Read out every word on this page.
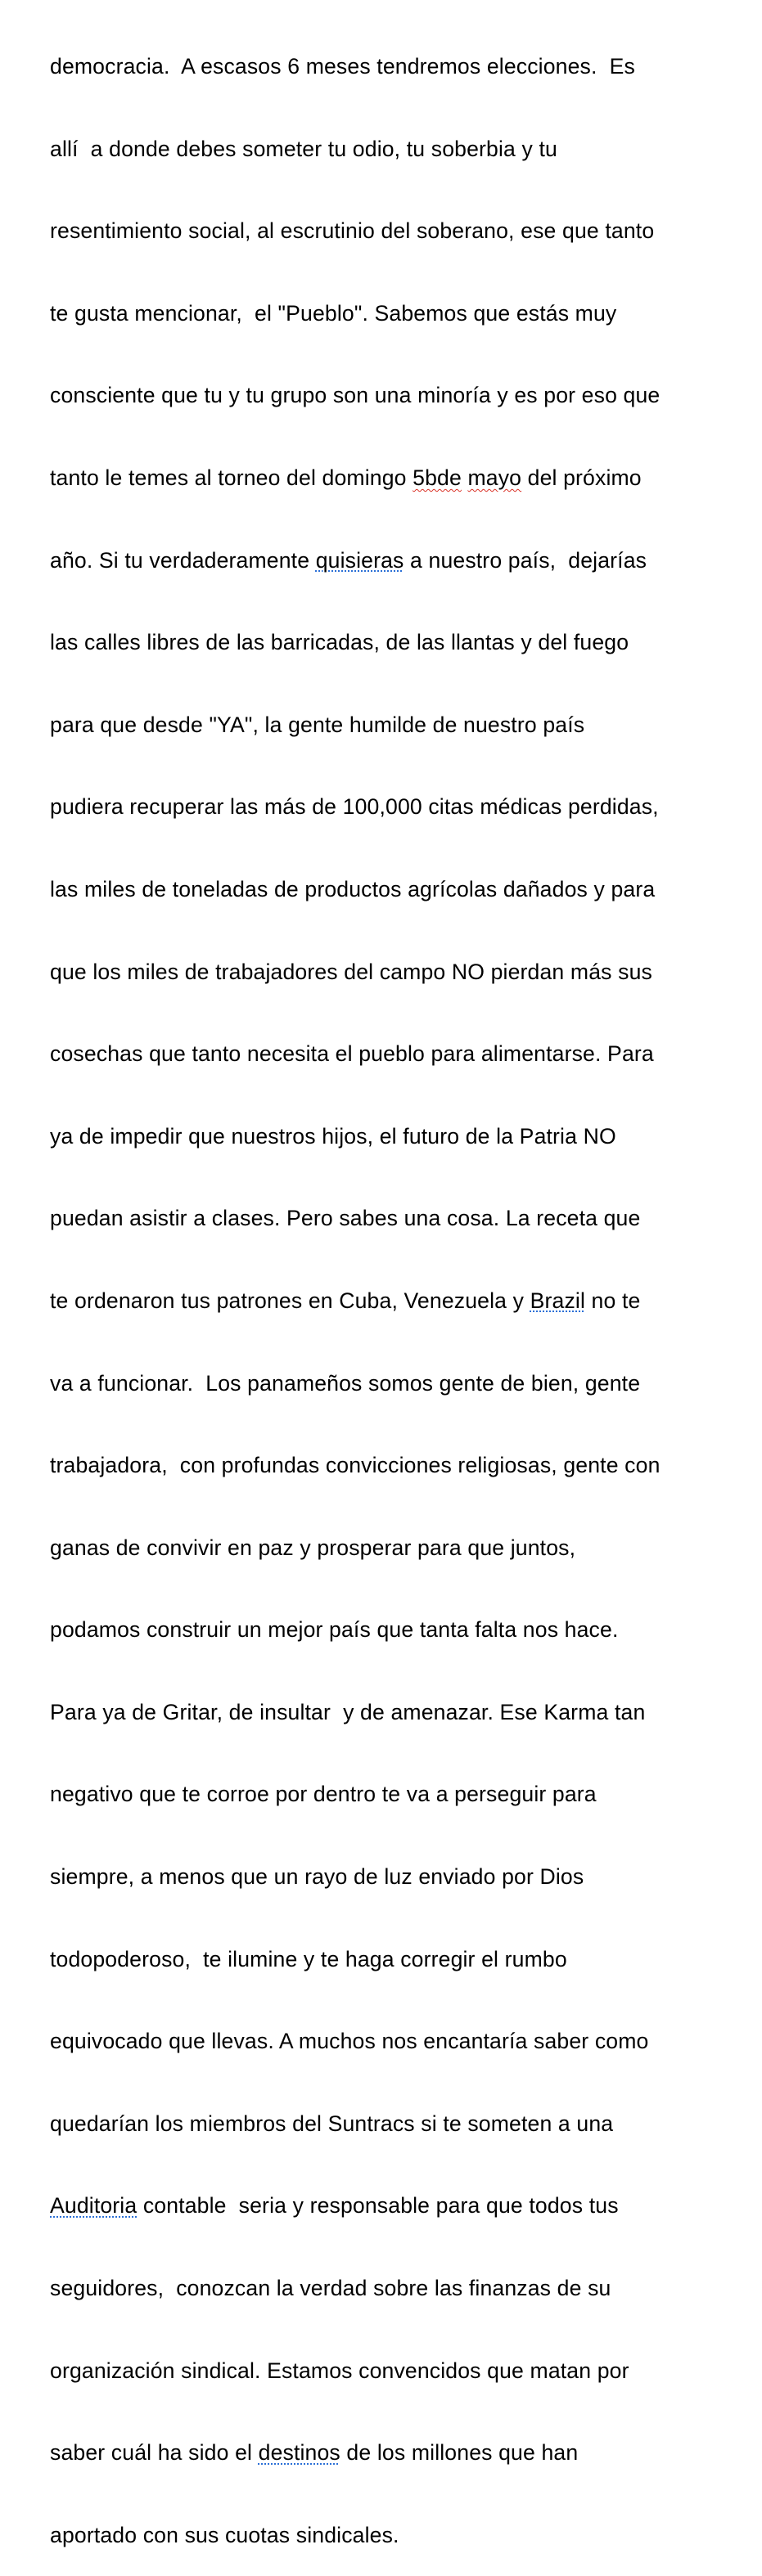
democracia.  A escasos 6 meses tendremos elecciones.  Es

allí  a donde debes someter tu odio, tu soberbia y tu

resentimiento social, al escrutinio del soberano, ese que tanto

te gusta mencionar,  el "Pueblo". Sabemos que estás muy

consciente que tu y tu grupo son una minoría y es por eso que

tanto le temes al torneo del domingo 5bde mayo del próximo

año. Si tu verdaderamente quisieras a nuestro país,  dejarías

las calles libres de las barricadas, de las llantas y del fuego

para que desde "YA", la gente humilde de nuestro país

pudiera recuperar las más de 100,000 citas médicas perdidas,

las miles de toneladas de productos agrícolas dañados y para

que los miles de trabajadores del campo NO pierdan más sus

cosechas que tanto necesita el pueblo para alimentarse. Para

ya de impedir que nuestros hijos, el futuro de la Patria NO

puedan asistir a clases. Pero sabes una cosa. La receta que

te ordenaron tus patrones en Cuba, Venezuela y Brazil no te

va a funcionar.  Los panameños somos gente de bien, gente

trabajadora,  con profundas convicciones religiosas, gente con

ganas de convivir en paz y prosperar para que juntos,

podamos construir un mejor país que tanta falta nos hace.

Para ya de Gritar, de insultar  y de amenazar. Ese Karma tan

negativo que te corroe por dentro te va a perseguir para

siempre, a menos que un rayo de luz enviado por Dios

todopoderoso,  te ilumine y te haga corregir el rumbo

equivocado que llevas. A muchos nos encantaría saber como

quedarían los miembros del Suntracs si te someten a una

Auditoria contable  seria y responsable para que todos tus

seguidores,  conozcan la verdad sobre las finanzas de su

organización sindical. Estamos convencidos que matan por

saber cuál ha sido el destinos de los millones que han

aportado con sus cuotas sindicales.
